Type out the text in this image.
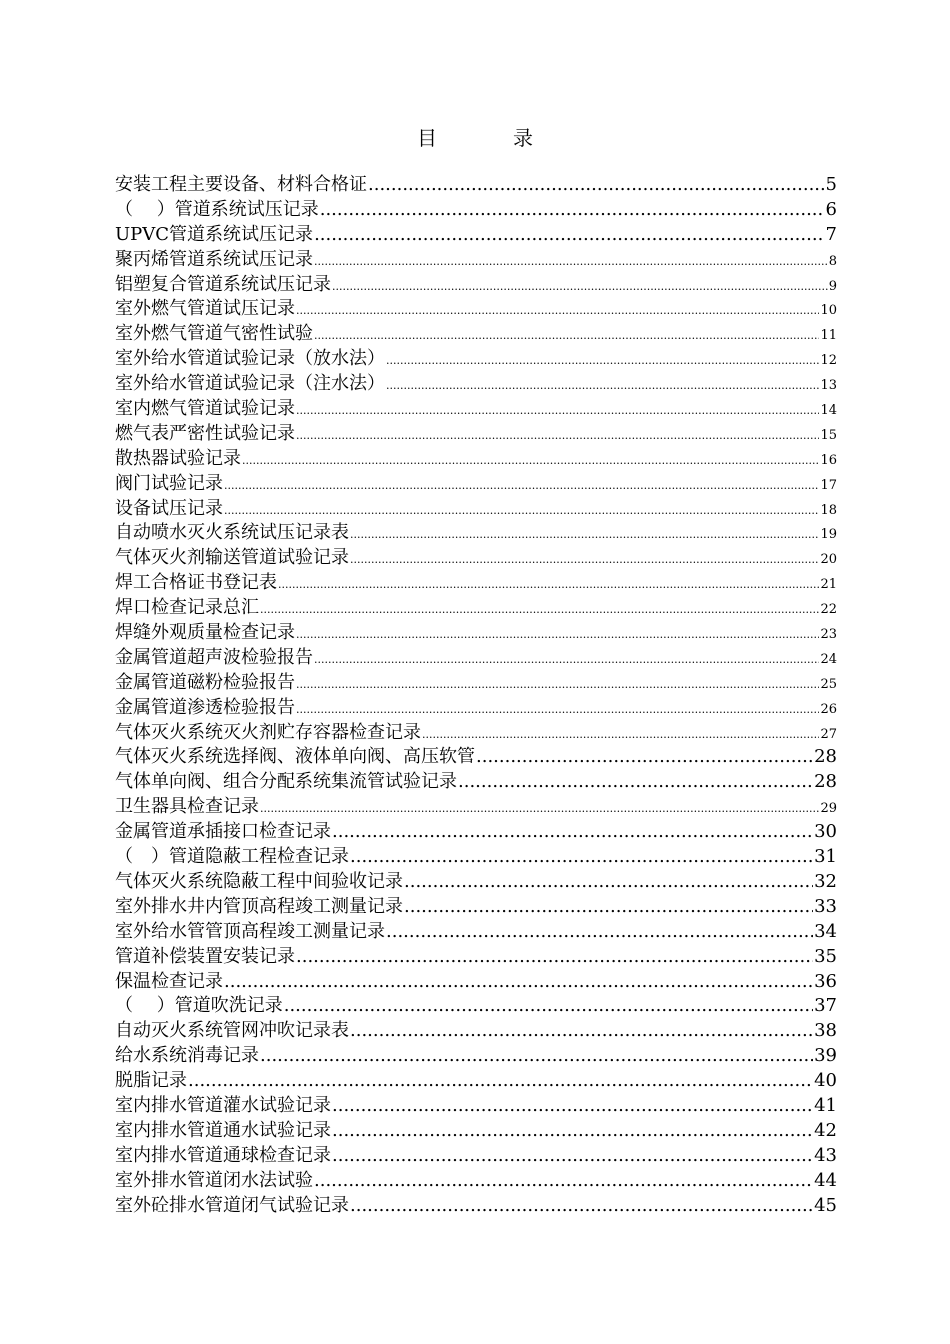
目　录
安装工程主要设备、材料合格证 .....	5
（　 ）管道系统试压记录 .....	6
UPVC管道系统试压记录 .....	7
聚丙烯管道系统试压记录 .....	8
铝塑复合管道系统试压记录 .....	9
室外燃气管道试压记录 .....	10
室外燃气管道气密性试验 .....	11
室外给水管道试验记录（放水法） .....	12
室外给水管道试验记录（注水法） .....	13
室内燃气管道试验记录 .....	14
燃气表严密性试验记录 .....	15
散热器试验记录 .....	16
阀门试验记录 .....	17
设备试压记录 .....	18
自动喷水灭火系统试压记录表 .....	19
气体灭火剂输送管道试验记录 .....	20
焊工合格证书登记表 .....	21
焊口检查记录总汇 .....	22
焊缝外观质量检查记录 .....	23
金属管道超声波检验报告 .....	24
金属管道磁粉检验报告 .....	25
金属管道渗透检验报告 .....	26
气体灭火系统灭火剂贮存容器检查记录 .....	27
气体灭火系统选择阀、液体单向阀、高压软管 .....	28
气体单向阀、组合分配系统集流管试验记录 .....	28
卫生器具检查记录 .....	29
金属管道承插接口检查记录 .....	30
（　）管道隐蔽工程检查记录 .....	31
气体灭火系统隐蔽工程中间验收记录 .....	32
室外排水井内管顶高程竣工测量记录 .....	33
室外给水管管顶高程竣工测量记录 .....	34
管道补偿装置安装记录 .....	35
保温检查记录 .....	36
（　 ）管道吹洗记录 .....	37
自动灭火系统管网冲吹记录表 .....	38
给水系统消毒记录 .....	39
脱脂记录 .....	40
室内排水管道灌水试验记录 .....	41
室内排水管道通水试验记录 .....	42
室内排水管道通球检查记录 .....	43
室外排水管道闭水法试验 .....	44
室外砼排水管道闭气试验记录 .....	45
